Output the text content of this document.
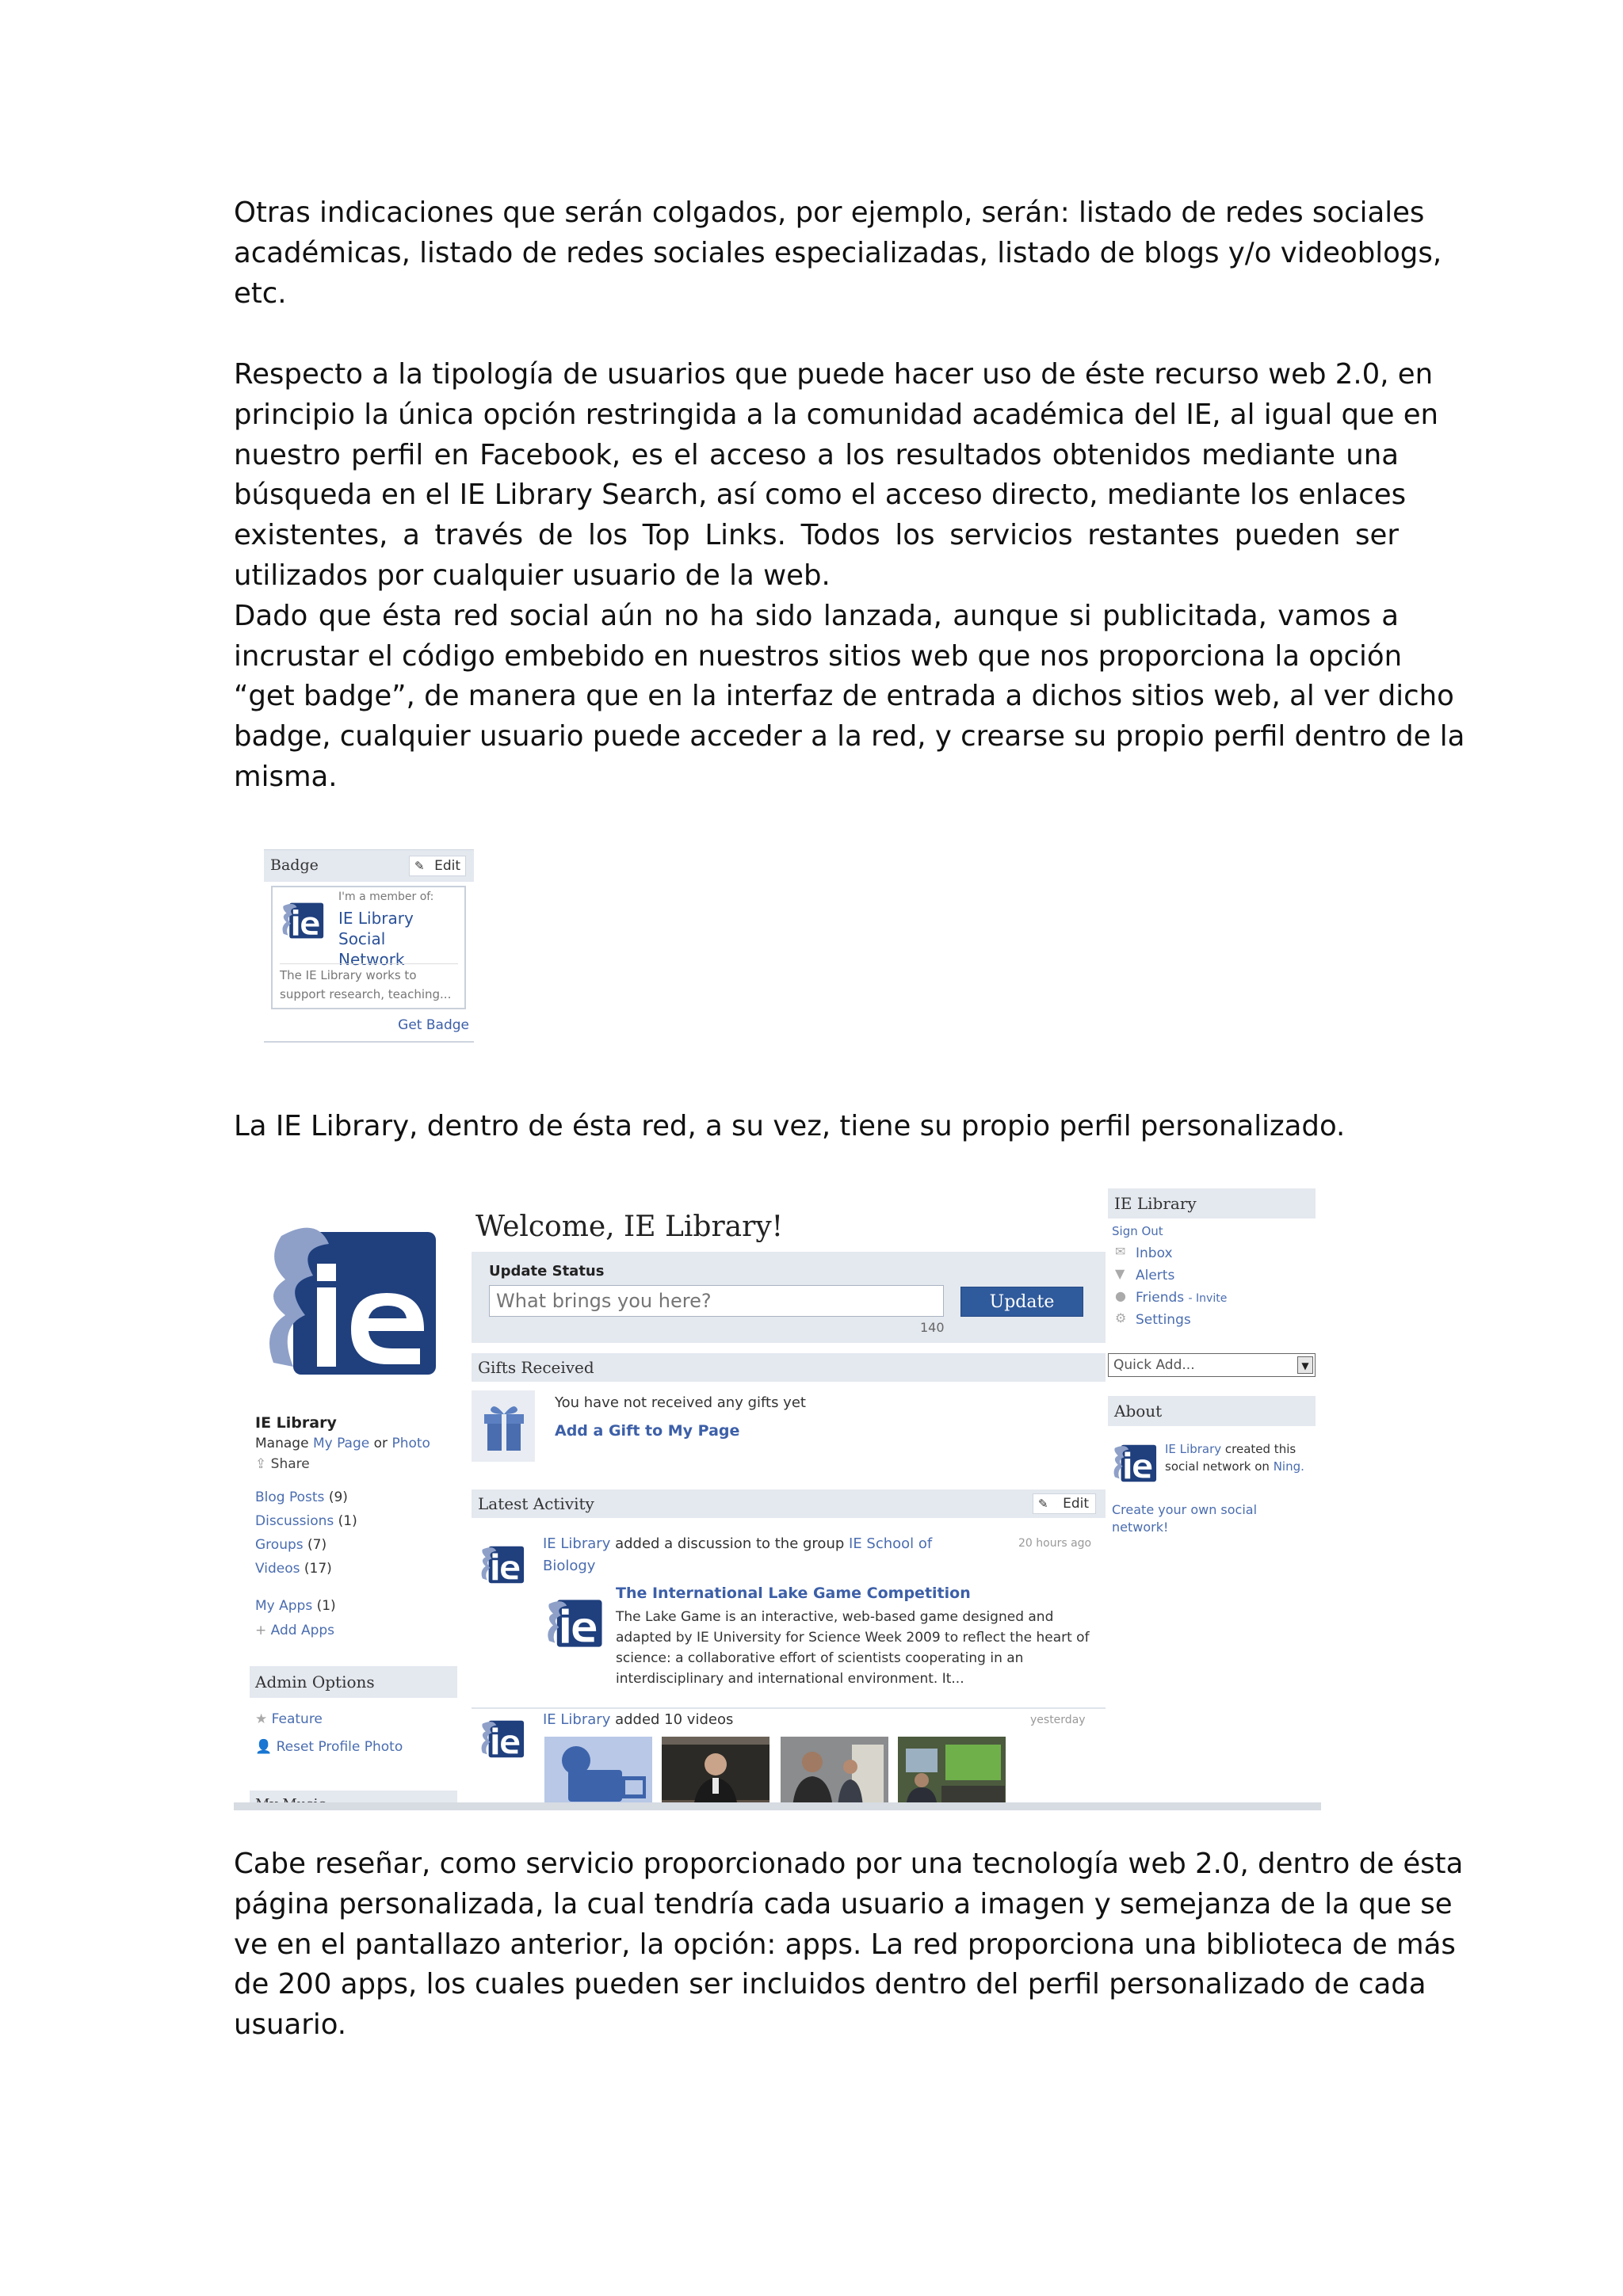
Otras indicaciones que serán colgados, por ejemplo, serán: listado de redes sociales
académicas, listado de redes sociales especializadas, listado de blogs y/o videoblogs,
etc.
Respecto a la tipología de usuarios que puede hacer uso de éste recurso web 2.0, en
principio la única opción restringida a la comunidad académica del IE, al igual que en
nuestro perfil en Facebook, es el acceso a los resultados obtenidos mediante una
búsqueda en el IE Library Search, así como el acceso directo, mediante los enlaces
existentes, a través de los Top Links. Todos los servicios restantes pueden ser
utilizados por cualquier usuario de la web.
Dado que ésta red social aún no ha sido lanzada, aunque si publicitada, vamos a
incrustar el código embebido en nuestros sitios web que nos proporciona la opción
“get badge”, de manera que en la interfaz de entrada a dichos sitios web, al ver dicho
badge, cualquier usuario puede acceder a la red, y crearse su propio perfil dentro de la
misma.
Badge	✎ Edit
I'm a member of:
IE Library Social
Network
The IE Library works to
support research, teaching...
Get Badge
La IE Library, dentro de ésta red, a su vez, tiene su propio perfil personalizado.
IE Library
Manage My Page or Photo
⇪ Share
Blog Posts (9)
Discussions (1)
Groups (7)
Videos (17)
My Apps (1)
+ Add Apps
Admin Options
★ Feature
👤 Reset Profile Photo
Welcome, IE Library!
Update Status
What brings you here?
Update
140
Gifts Received
You have not received any gifts yet
Add a Gift to My Page
Latest Activity	✎ Edit
IE Library added a discussion to the group IE School of Biology
20 hours ago
The International Lake Game Competition
The Lake Game is an interactive, web-based game designed and adapted by IE University for Science Week 2009 to reflect the heart of science: a collaborative effort of scientists cooperating in an interdisciplinary and international environment. It...
IE Library added 10 videos	yesterday
IE Library
Sign Out
✉ Inbox
▼ Alerts
● Friends - Invite
⚙ Settings
Quick Add...	▼
About
IE Library created this social network on Ning.
Create your own social network!
Cabe reseñar, como servicio proporcionado por una tecnología web 2.0, dentro de ésta
página personalizada, la cual tendría cada usuario a imagen y semejanza de la que se
ve en el pantallazo anterior, la opción: apps. La red proporciona una biblioteca de más
de 200 apps, los cuales pueden ser incluidos dentro del perfil personalizado de cada
usuario.
